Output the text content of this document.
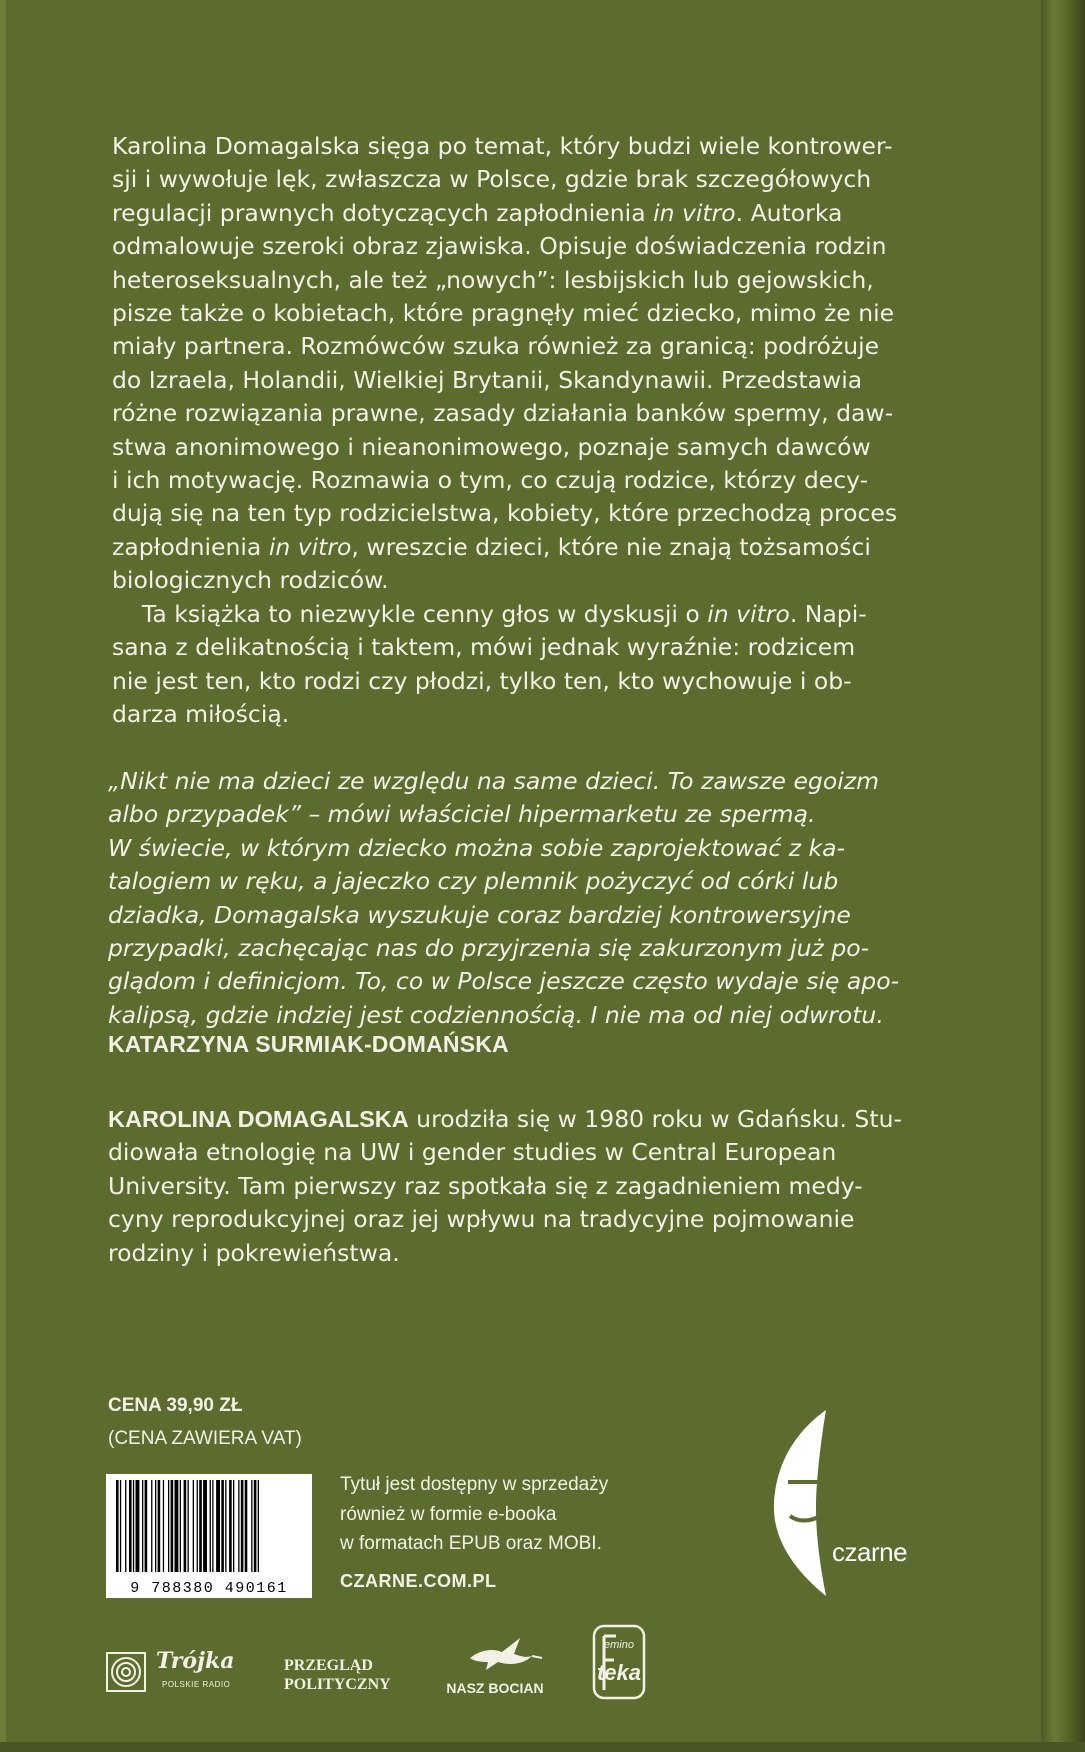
Karolina Domagalska sięga po temat, który budzi wiele kontrower-
sji i wywołuje lęk, zwłaszcza w Polsce, gdzie brak szczegółowych
regulacji prawnych dotyczących zapłodnienia in vitro. Autorka
odmalowuje szeroki obraz zjawiska. Opisuje doświadczenia rodzin
heteroseksualnych, ale też „nowych”: lesbijskich lub gejowskich,
pisze także o kobietach, które pragnęły mieć dziecko, mimo że nie
miały partnera. Rozmówców szuka również za granicą: podróżuje
do Izraela, Holandii, Wielkiej Brytanii, Skandynawii. Przedstawia
różne rozwiązania prawne, zasady działania banków spermy, daw-
stwa anonimowego i nieanonimowego, poznaje samych dawców
i ich motywację. Rozmawia o tym, co czują rodzice, którzy decy-
dują się na ten typ rodzicielstwa, kobiety, które przechodzą proces
zapłodnienia in vitro, wreszcie dzieci, które nie znają tożsamości
biologicznych rodziców.
Ta książka to niezwykle cenny głos w dyskusji o in vitro. Napi-
sana z delikatnością i taktem, mówi jednak wyraźnie: rodzicem
nie jest ten, kto rodzi czy płodzi, tylko ten, kto wychowuje i ob-
darza miłością.
„Nikt nie ma dzieci ze względu na same dzieci. To zawsze egoizm
albo przypadek” – mówi właściciel hipermarketu ze spermą.
W świecie, w którym dziecko można sobie zaprojektować z ka-
talogiem w ręku, a jajeczko czy plemnik pożyczyć od córki lub
dziadka, Domagalska wyszukuje coraz bardziej kontrowersyjne
przypadki, zachęcając nas do przyjrzenia się zakurzonym już po-
glądom i definicjom. To, co w Polsce jeszcze często wydaje się apo-
kalipsą, gdzie indziej jest codziennością. I nie ma od niej odwrotu.
KATARZYNA SURMIAK-DOMAŃSKA
KAROLINA DOMAGALSKA urodziła się w 1980 roku w Gdańsku. Stu-
diowała etnologię na UW i gender studies w Central European
University. Tam pierwszy raz spotkała się z zagadnieniem medy-
cyny reprodukcyjnej oraz jej wpływu na tradycyjne pojmowanie
rodziny i pokrewieństwa.
CENA 39,90 ZŁ
(CENA ZAWIERA VAT)
9 788380 490161
Tytuł jest dostępny w sprzedaży
również w formie e-booka
w formatach EPUB oraz MOBI.
CZARNE.COM.PL
czarne
Trójka
POLSKIE RADIO
PRZEGLĄD
POLITYCZNY	NASZ BOCIAN
emino
teka
